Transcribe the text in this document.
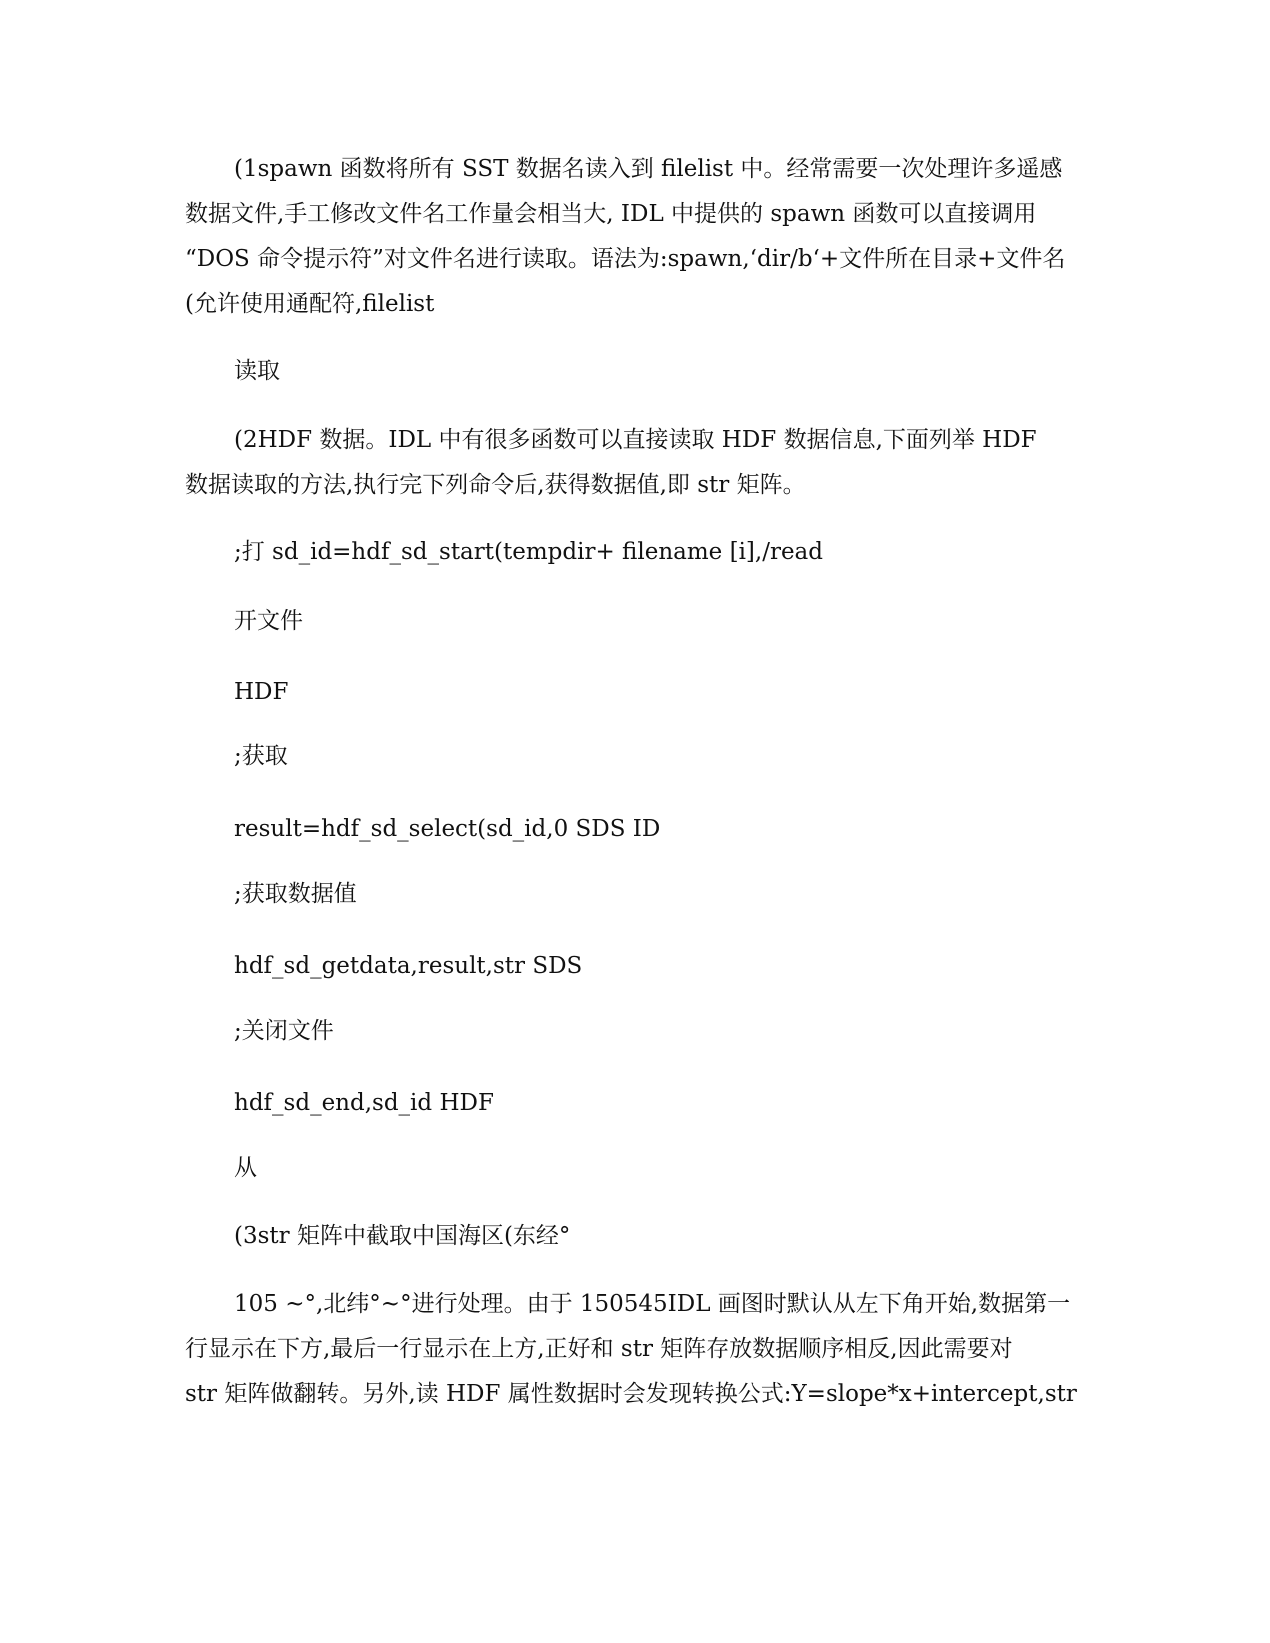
(1spawn 函数将所有 SST 数据名读入到 filelist 中。经常需要一次处理许多遥感
数据文件,手工修改文件名工作量会相当大, IDL 中提供的 spawn 函数可以直接调用
“DOS 命令提示符”对文件名进行读取。语法为:spawn,‘dir/b‘+文件所在目录+文件名
(允许使用通配符,filelist
读取
(2HDF 数据。IDL 中有很多函数可以直接读取 HDF 数据信息,下面列举 HDF
数据读取的方法,执行完下列命令后,获得数据值,即 str 矩阵。
;打 sd_id=hdf_sd_start(tempdir+ filename [i],/read
开文件
HDF
;获取
result=hdf_sd_select(sd_id,0 SDS ID
;获取数据值
hdf_sd_getdata,result,str SDS
;关闭文件
hdf_sd_end,sd_id HDF
从
(3str 矩阵中截取中国海区(东经°
105 ~°,北纬°~°进行处理。由于 150545IDL 画图时默认从左下角开始,数据第一
行显示在下方,最后一行显示在上方,正好和 str 矩阵存放数据顺序相反,因此需要对
str 矩阵做翻转。另外,读 HDF 属性数据时会发现转换公式:Y=slope*x+intercept,str
